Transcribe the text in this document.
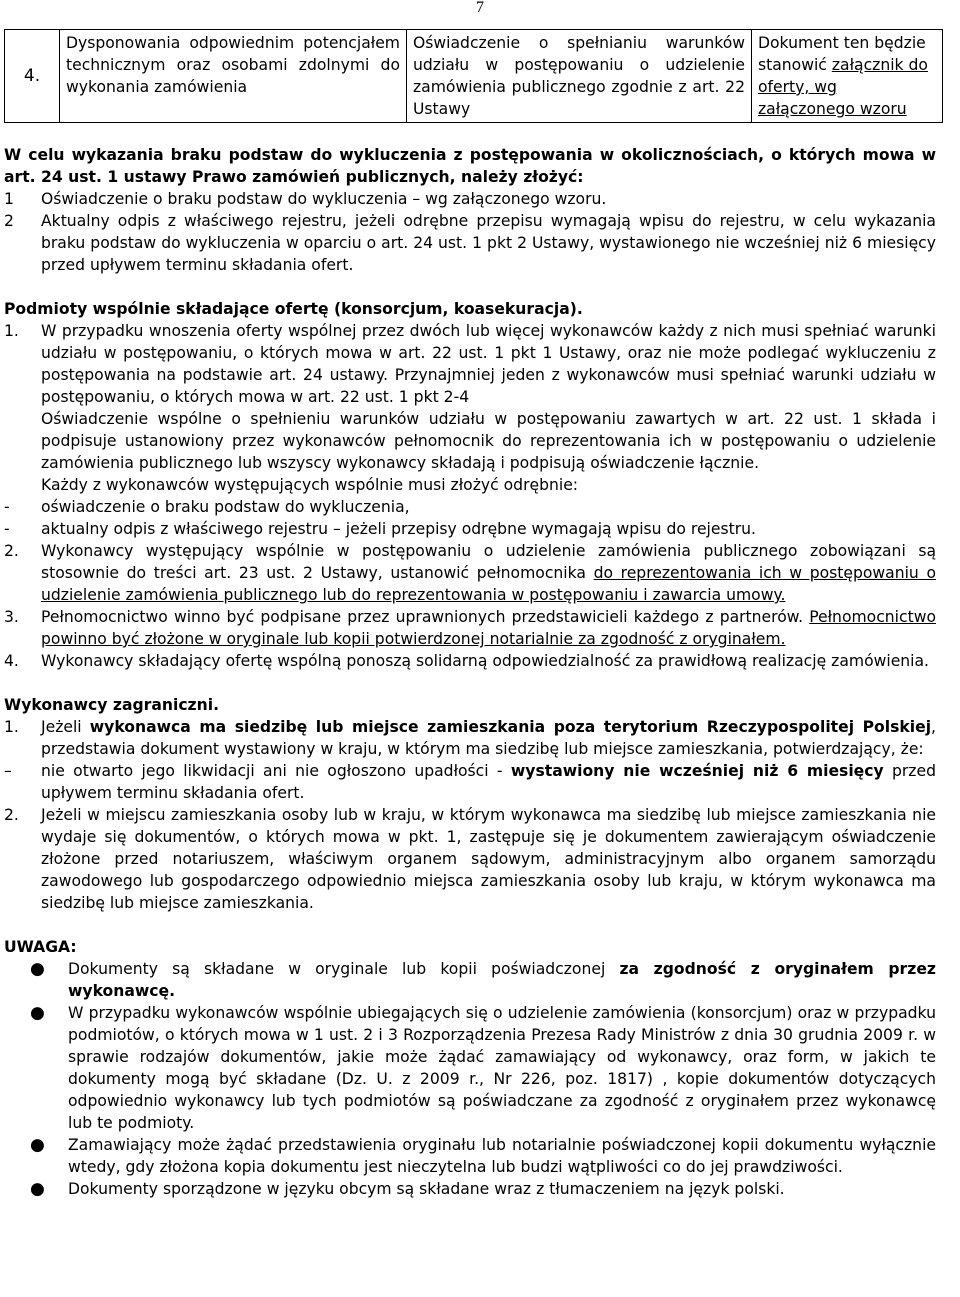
7
4.	Dysponowania odpowiednim potencjałem technicznym oraz osobami zdolnymi do wykonania zamówienia	Oświadczenie o spełnianiu warunków udziału w postępowaniu o udzielenie zamówienia publicznego zgodnie z art. 22 Ustawy	Dokument ten będzie stanowić załącznik do oferty, wg załączonego wzoru

W celu wykazania braku podstaw do wykluczenia z postępowania w okolicznościach, o których mowa w art. 24 ust. 1 ustawy Prawo zamówień publicznych, należy złożyć:

1	Oświadczenie o braku podstaw do wykluczenia – wg załączonego wzoru.
2	Aktualny odpis z właściwego rejestru, jeżeli odrębne przepisu wymagają wpisu do rejestru, w celu wykazania braku podstaw do wykluczenia w oparciu o art. 24 ust. 1 pkt 2 Ustawy, wystawionego nie wcześniej niż 6 miesięcy przed upływem terminu składania ofert.

Podmioty wspólnie składające ofertę (konsorcjum, koasekuracja).

1.	W przypadku wnoszenia oferty wspólnej przez dwóch lub więcej wykonawców każdy z nich musi spełniać warunki udziału w postępowaniu, o których mowa w art. 22 ust. 1 pkt 1 Ustawy, oraz nie może podlegać wykluczeniu z postępowania na podstawie art. 24 ustawy. Przynajmniej jeden z wykonawców musi spełniać warunki udziału w postępowaniu, o których mowa w art. 22 ust. 1 pkt 2-4

Oświadczenie wspólne o spełnieniu warunków udziału w postępowaniu zawartych w art. 22 ust. 1 składa i podpisuje ustanowiony przez wykonawców pełnomocnik do reprezentowania ich w postępowaniu o udzielenie zamówienia publicznego lub wszyscy wykonawcy składają i podpisują oświadczenie łącznie.

Każdy z wykonawców występujących wspólnie musi złożyć odrębnie:

-	oświadczenie o braku podstaw do wykluczenia,
-	aktualny odpis z właściwego rejestru – jeżeli przepisy odrębne wymagają wpisu do rejestru.
2.	Wykonawcy występujący wspólnie w postępowaniu o udzielenie zamówienia publicznego zobowiązani są stosownie do treści art. 23 ust. 2 Ustawy, ustanowić pełnomocnika do reprezentowania ich w postępowaniu o udzielenie zamówienia publicznego lub do reprezentowania w postępowaniu i zawarcia umowy.
3.	Pełnomocnictwo winno być podpisane przez uprawnionych przedstawicieli każdego z partnerów. Pełnomocnictwo powinno być złożone w oryginale lub kopii potwierdzonej notarialnie za zgodność z oryginałem.
4.	Wykonawcy składający ofertę wspólną ponoszą solidarną odpowiedzialność za prawidłową realizację zamówienia.

Wykonawcy zagraniczni.

1.	Jeżeli wykonawca ma siedzibę lub miejsce zamieszkania poza terytorium Rzeczypospolitej Polskiej, przedstawia dokument wystawiony w kraju, w którym ma siedzibę lub miejsce zamieszkania, potwierdzający, że:
–	nie otwarto jego likwidacji ani nie ogłoszono upadłości - wystawiony nie wcześniej niż 6 miesięcy przed upływem terminu składania ofert.
2.	Jeżeli w miejscu zamieszkania osoby lub w kraju, w którym wykonawca ma siedzibę lub miejsce zamieszkania nie wydaje się dokumentów, o których mowa w pkt. 1, zastępuje się je dokumentem zawierającym oświadczenie złożone przed notariuszem, właściwym organem sądowym, administracyjnym albo organem samorządu zawodowego lub gospodarczego odpowiednio miejsca zamieszkania osoby lub kraju, w którym wykonawca ma siedzibę lub miejsce zamieszkania.

UWAGA:

●	Dokumenty są składane w oryginale lub kopii poświadczonej za zgodność z oryginałem przez wykonawcę.
●	W przypadku wykonawców wspólnie ubiegających się o udzielenie zamówienia (konsorcjum) oraz w przypadku podmiotów, o których mowa w 1 ust. 2 i 3 Rozporządzenia Prezesa Rady Ministrów z dnia 30 grudnia 2009 r. w sprawie rodzajów dokumentów, jakie może żądać zamawiający od wykonawcy, oraz form, w jakich te dokumenty mogą być składane (Dz. U. z 2009 r., Nr 226, poz. 1817) , kopie dokumentów dotyczących odpowiednio wykonawcy lub tych podmiotów są poświadczane za zgodność z oryginałem przez wykonawcę lub te podmioty.
●	Zamawiający może żądać przedstawienia oryginału lub notarialnie poświadczonej kopii dokumentu wyłącznie wtedy, gdy złożona kopia dokumentu jest nieczytelna lub budzi wątpliwości co do jej prawdziwości.
●	Dokumenty sporządzone w języku obcym są składane wraz z tłumaczeniem na język polski.
